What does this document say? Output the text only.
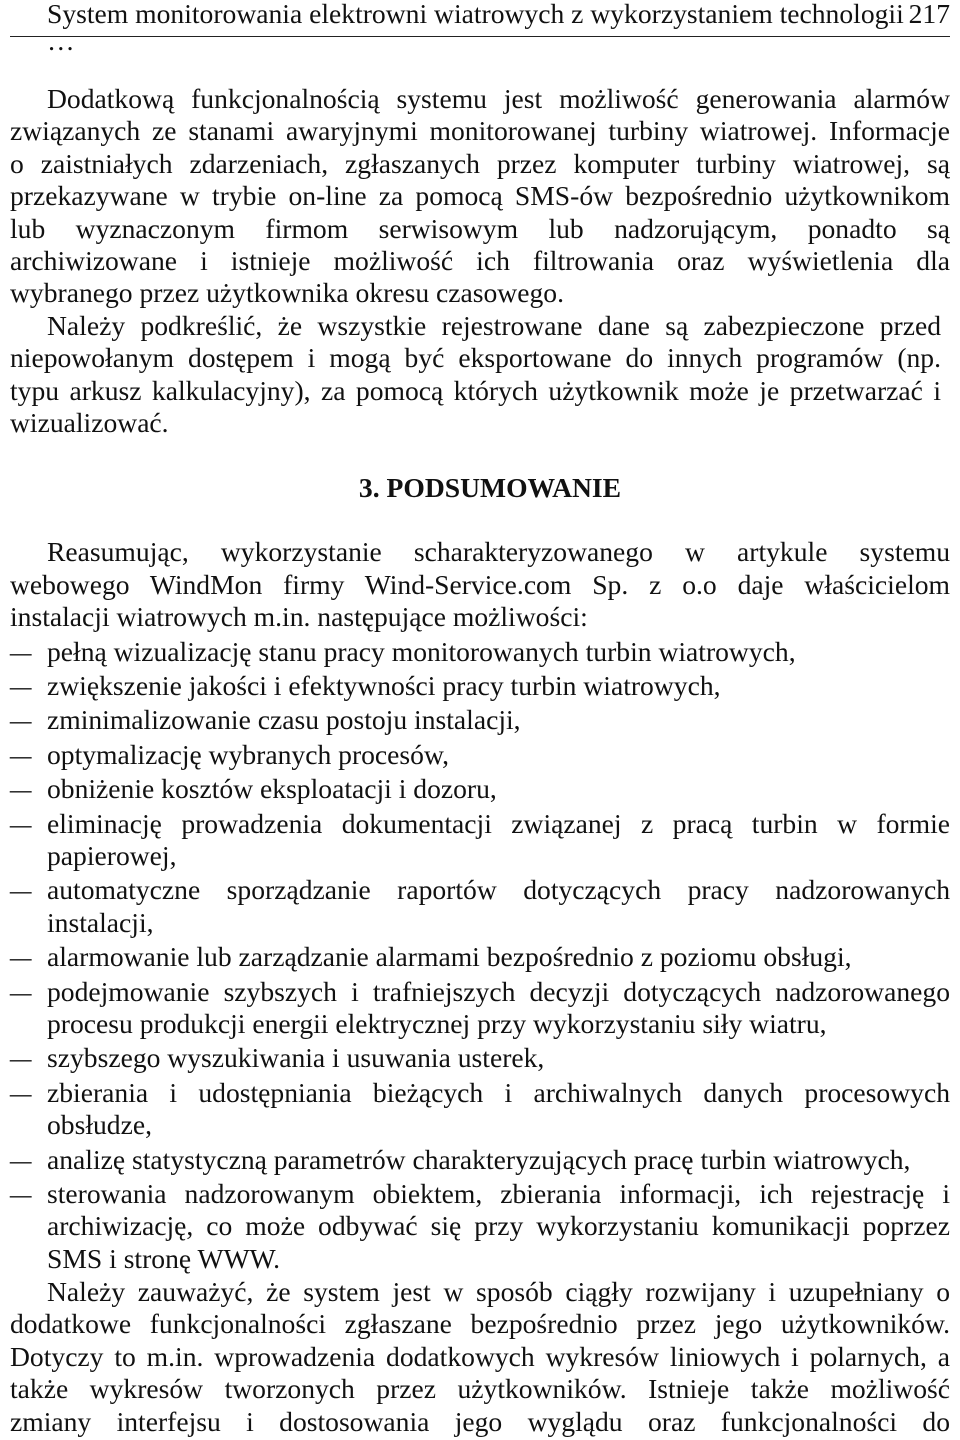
System monitorowania elektrowni wiatrowych z wykorzystaniem technologii …
217
Dodatkową funkcjonalnością systemu jest możliwość generowania alarmów
związanych ze stanami awaryjnymi monitorowanej turbiny wiatrowej. Informacje
o zaistniałych zdarzeniach, zgłaszanych przez komputer turbiny wiatrowej, są
przekazywane w trybie on-line za pomocą SMS-ów bezpośrednio użytkownikom
lub wyznaczonym firmom serwisowym lub nadzorującym, ponadto są
archiwizowane i istnieje możliwość ich filtrowania oraz wyświetlenia dla
wybranego przez użytkownika okresu czasowego.
Należy podkreślić, że wszystkie rejestrowane dane są zabezpieczone przed
niepowołanym dostępem i mogą być eksportowane do innych programów (np.
typu arkusz kalkulacyjny), za pomocą których użytkownik może je przetwarzać i
wizualizować.
3. PODSUMOWANIE
Reasumując, wykorzystanie scharakteryzowanego w artykule systemu
webowego WindMon firmy Wind-Service.com Sp. z o.o daje właścicielom
instalacji wiatrowych m.in. następujące możliwości:
– pełną wizualizację stanu pracy monitorowanych turbin wiatrowych,
– zwiększenie jakości i efektywności pracy turbin wiatrowych,
– zminimalizowanie czasu postoju instalacji,
– optymalizację wybranych procesów,
– obniżenie kosztów eksploatacji i dozoru,
– eliminację prowadzenia dokumentacji związanej z pracą turbin w formie
papierowej,
– automatyczne sporządzanie raportów dotyczących pracy nadzorowanych
instalacji,
– alarmowanie lub zarządzanie alarmami bezpośrednio z poziomu obsługi,
– podejmowanie szybszych i trafniejszych decyzji dotyczących nadzorowanego
procesu produkcji energii elektrycznej przy wykorzystaniu siły wiatru,
– szybszego wyszukiwania i usuwania usterek,
– zbierania i udostępniania bieżących i archiwalnych danych procesowych
obsłudze,
– analizę statystyczną parametrów charakteryzujących pracę turbin wiatrowych,
– sterowania nadzorowanym obiektem, zbierania informacji, ich rejestrację i
archiwizację, co może odbywać się przy wykorzystaniu komunikacji poprzez
SMS i stronę WWW.
Należy zauważyć, że system jest w sposób ciągły rozwijany i uzupełniany o
dodatkowe funkcjonalności zgłaszane bezpośrednio przez jego użytkowników.
Dotyczy to m.in. wprowadzenia dodatkowych wykresów liniowych i polarnych, a
także wykresów tworzonych przez użytkowników. Istnieje także możliwość
zmiany interfejsu i dostosowania jego wyglądu oraz funkcjonalności do
